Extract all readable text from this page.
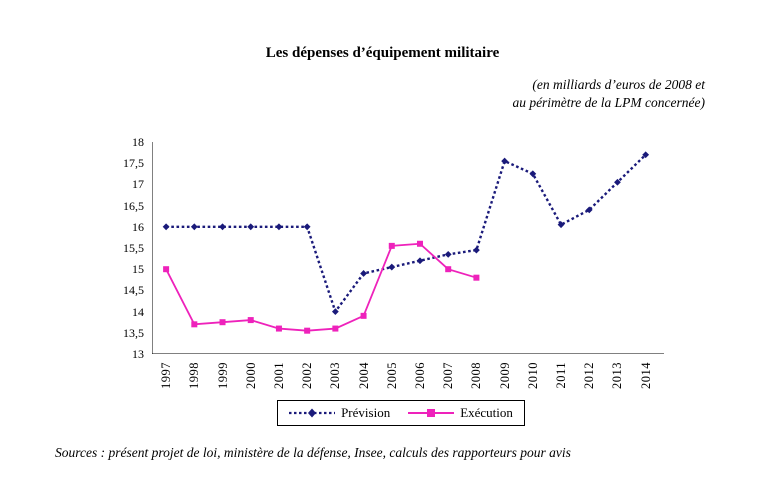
Les dépenses d’équipement militaire
(en milliards d’euros de 2008 et
au périmètre de la LPM concernée)
13
13,5
14
14,5
15
15,5
16
16,5
17
17,5
18
1997 1998 1999 2000 2001 2002 2003 2004 2005 2006 2007 2008 2009 2010 2011 2012 2013 2014
Prévision	Exécution
Sources : présent projet de loi, ministère de la défense, Insee, calculs des rapporteurs pour avis
